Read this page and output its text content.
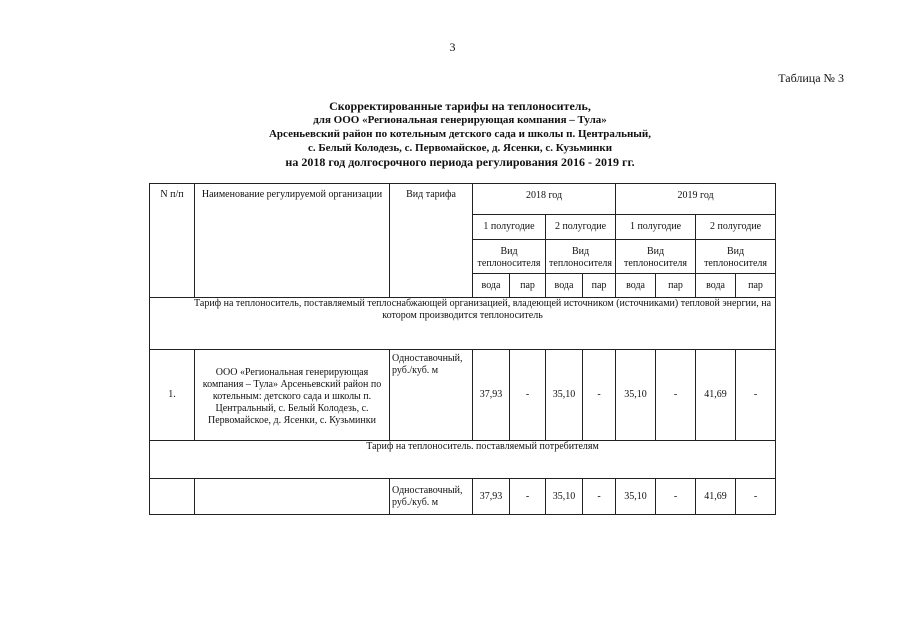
3
Таблица № 3
Скорректированные тарифы на теплоноситель,
для ООО «Региональная генерирующая компания – Тула»
Арсеньевский район по котельным детского сада и школы п. Центральный,
с. Белый Колодезь, с. Первомайское, д. Ясенки, с. Кузьминки
на 2018 год долгосрочного периода регулирования 2016 - 2019 гг.
N п/п	Наименование регулируемой организации	Вид тарифа	2018 год				2019 год			
			1 полугодие		2 полугодие		1 полугодие		2 полугодие	
			Вид теплоносителя		Вид теплоносителя		Вид теплоносителя		Вид теплоносителя	
			вода	пар	вода	пар	вода	пар	вода	пар
Тариф на теплоноситель, поставляемый теплоснабжающей организацией, владеющей источником (источниками) тепловой энергии, на котором производится теплоноситель										
1.	ООО «Региональная генерирующая компания – Тула» Арсеньевский район по котельным: детского сада и школы п. Центральный, с. Белый Колодезь, с. Первомайское, д. Ясенки, с. Кузьминки	Одноставочный, руб./куб. м	37,93	-	35,10	-	35,10	-	41,69	-
Тариф на теплоноситель. поставляемый потребителям										
		Одноставочный, руб./куб. м	37,93	-	35,10	-	35,10	-	41,69	-
